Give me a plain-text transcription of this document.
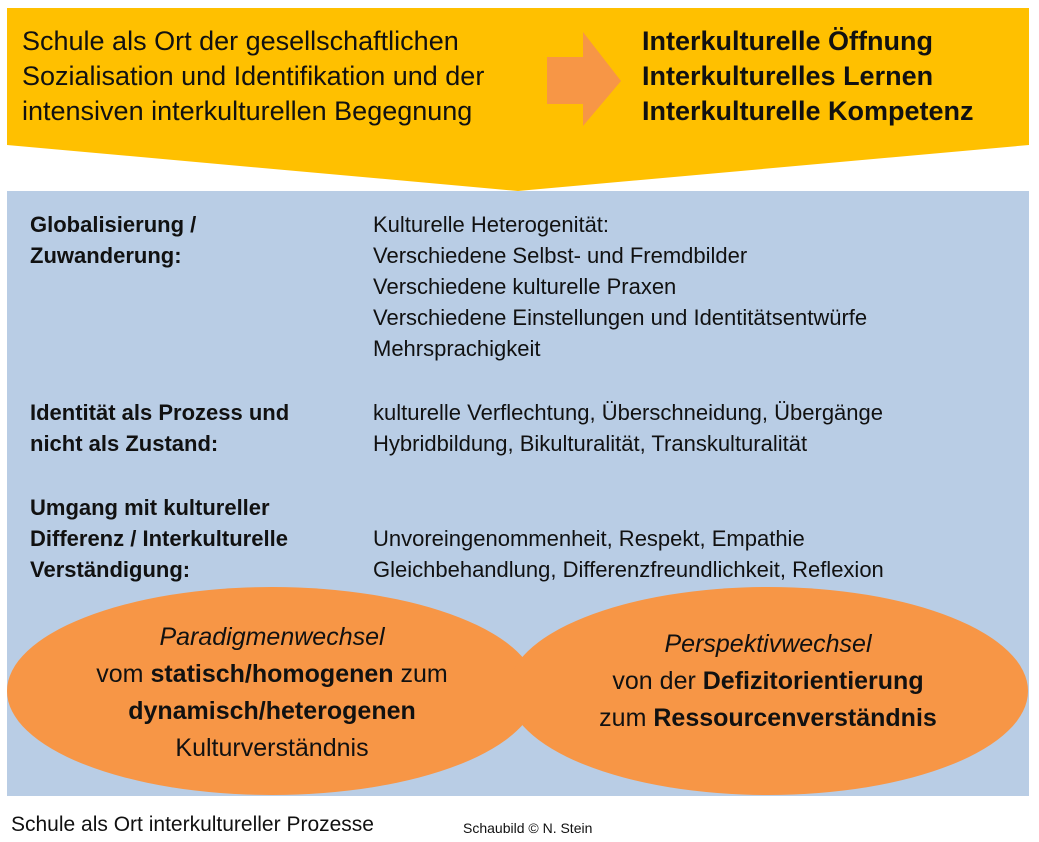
Schule als Ort der gesellschaftlichen
Sozialisation und Identifikation und der
intensiven interkulturellen Begegnung
Interkulturelle Öffnung
Interkulturelles Lernen
Interkulturelle Kompetenz
Globalisierung /
Zuwanderung:
Kulturelle Heterogenität:
Verschiedene Selbst- und Fremdbilder
Verschiedene kulturelle Praxen
Verschiedene Einstellungen und Identitätsentwürfe
Mehrsprachigkeit
Identität als Prozess und
nicht als Zustand:
kulturelle Verflechtung, Überschneidung, Übergänge
Hybridbildung, Bikulturalität, Transkulturalität
Umgang mit kultureller
Differenz / Interkulturelle
Verständigung:
Unvoreingenommenheit, Respekt, Empathie
Gleichbehandlung, Differenzfreundlichkeit, Reflexion
Paradigmenwechsel
vom statisch/homogenen zum
dynamisch/heterogenen
Kulturverständnis
Perspektivwechsel
von der Defizitorientierung
zum Ressourcenverständnis
Schule als Ort interkultureller Prozesse	Schaubild © N. Stein
